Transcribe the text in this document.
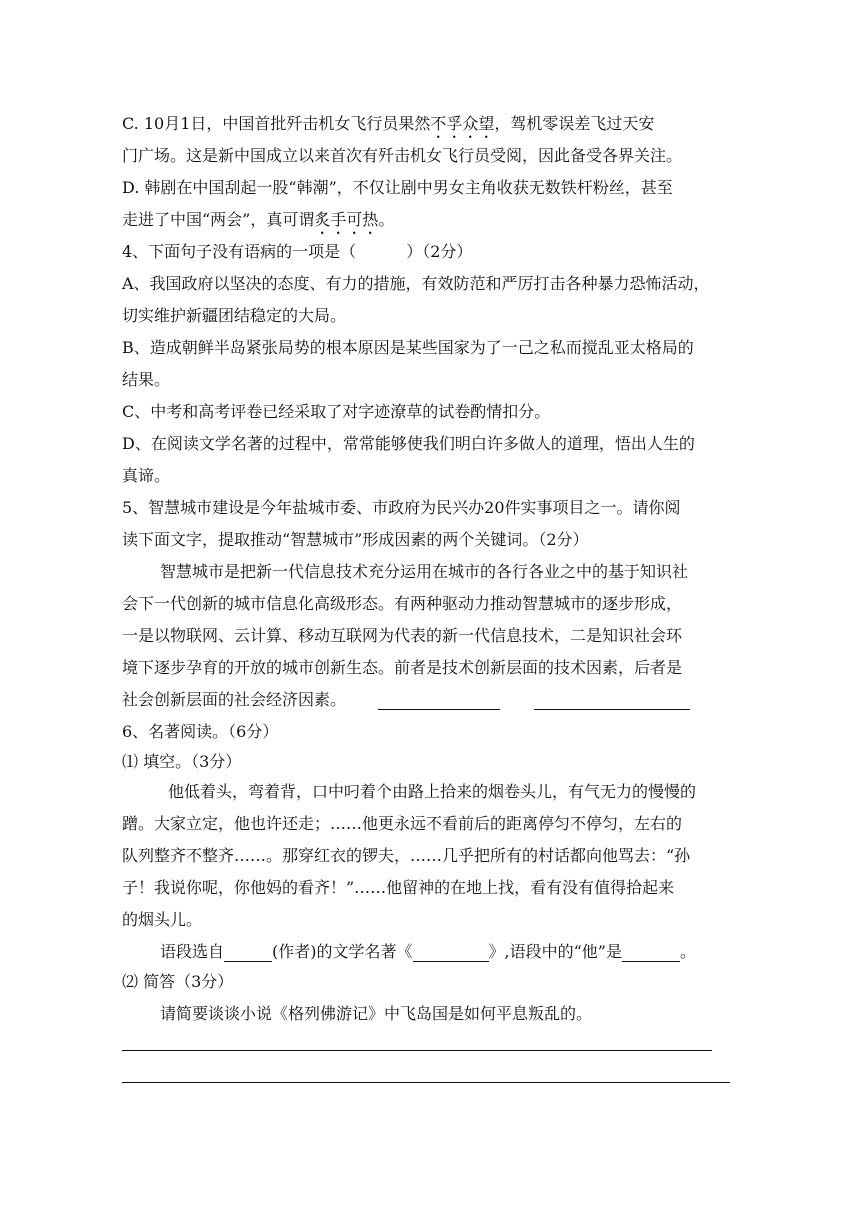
C. 10月1日，中国首批歼击机女飞行员果然不孚众望，驾机零误差飞过天安
门广场。这是新中国成立以来首次有歼击机女飞行员受阅，因此备受各界关注。
D. 韩剧在中国刮起一股“韩潮”，不仅让剧中男女主角收获无数铁杆粉丝，甚至
走进了中国“两会”，真可谓炙手可热。
4、下面句子没有语病的一项是（	）（2分）
A、我国政府以坚决的态度、有力的措施，有效防范和严厉打击各种暴力恐怖活动，
切实维护新疆团结稳定的大局。
B、造成朝鲜半岛紧张局势的根本原因是某些国家为了一己之私而搅乱亚太格局的
结果。
C、中考和高考评卷已经采取了对字迹潦草的试卷酌情扣分。
D、在阅读文学名著的过程中，常常能够使我们明白许多做人的道理，悟出人生的
真谛。
5、智慧城市建设是今年盐城市委、市政府为民兴办20件实事项目之一。请你阅
读下面文字，提取推动“智慧城市”形成因素的两个关键词。（2分）
智慧城市是把新一代信息技术充分运用在城市的各行各业之中的基于知识社
会下一代创新的城市信息化高级形态。有两种驱动力推动智慧城市的逐步形成，
一是以物联网、云计算、移动互联网为代表的新一代信息技术，二是知识社会环
境下逐步孕育的开放的城市创新生态。前者是技术创新层面的技术因素，后者是
社会创新层面的社会经济因素。
6、名著阅读。（6分）
⑴ 填空。（3分）
他低着头，弯着背，口中叼着个由路上拾来的烟卷头儿，有气无力的慢慢的
蹭。大家立定，他也许还走；……他更永远不看前后的距离停匀不停匀，左右的
队列整齐不整齐……。那穿红衣的锣夫，……几乎把所有的村话都向他骂去：“孙
子！我说你呢，你他妈的看齐！”……他留神的在地上找，看有没有值得拾起来
的烟头儿。
语段选自	(作者)的文学名著《	》,语段中的“他”是	。
⑵ 简答（3分）
请简要谈谈小说《格列佛游记》中飞岛国是如何平息叛乱的。
